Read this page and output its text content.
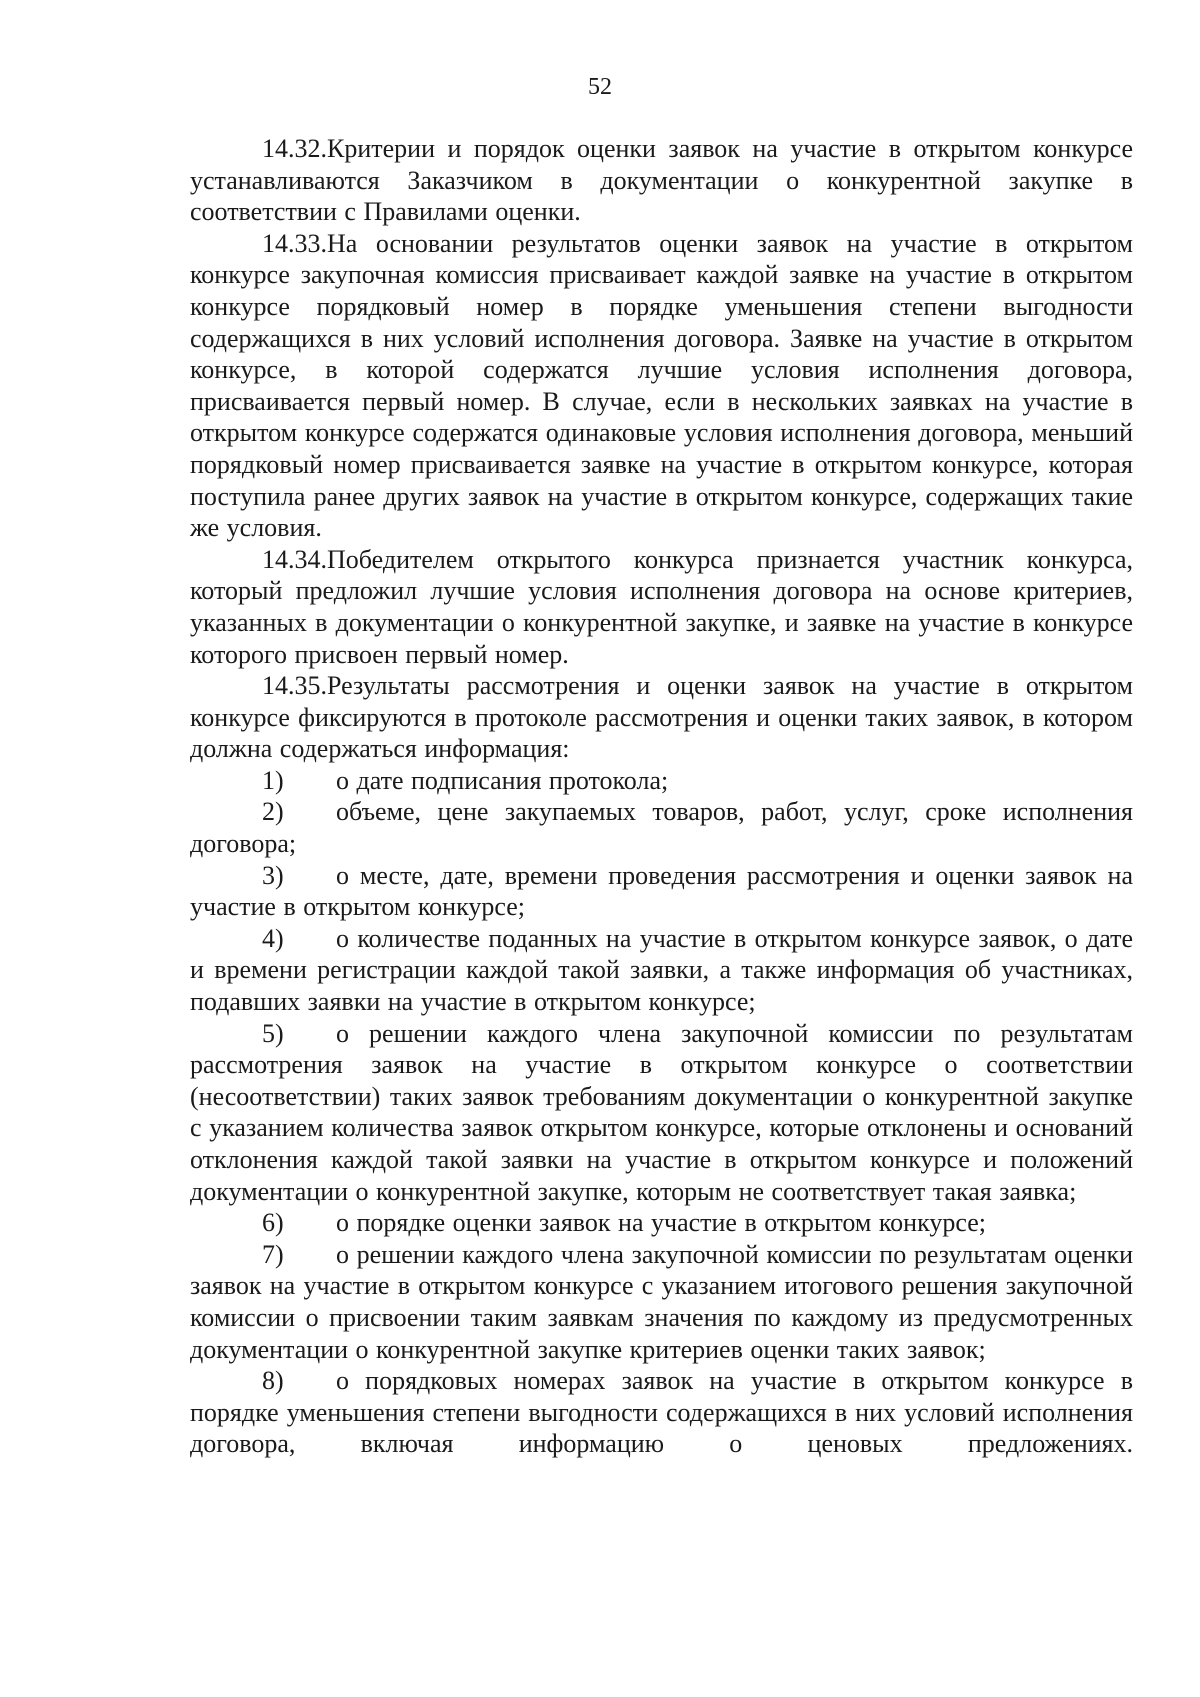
52

14.32.Критерии и порядок оценки заявок на участие в открытом конкурсе устанавливаются Заказчиком в документации о конкурентной закупке в соответствии с Правилами оценки.

14.33.На основании результатов оценки заявок на участие в открытом конкурсе закупочная комиссия присваивает каждой заявке на участие в открытом конкурсе порядковый номер в порядке уменьшения степени выгодности содержащихся в них условий исполнения договора. Заявке на участие в открытом конкурсе, в которой содержатся лучшие условия исполнения договора, присваивается первый номер. В случае, если в нескольких заявках на участие в открытом конкурсе содержатся одинаковые условия исполнения договора, меньший порядковый номер присваивается заявке на участие в открытом конкурсе, которая поступила ранее других заявок на участие в открытом конкурсе, содержащих такие же условия.

14.34.Победителем открытого конкурса признается участник конкурса, который предложил лучшие условия исполнения договора на основе критериев, указанных в документации о конкурентной закупке, и заявке на участие в конкурсе которого присвоен первый номер.

14.35.Результаты рассмотрения и оценки заявок на участие в открытом конкурсе фиксируются в протоколе рассмотрения и оценки таких заявок, в котором должна содержаться информация:

1) о дате подписания протокола;

2) объеме, цене закупаемых товаров, работ, услуг, сроке исполнения договора;

3) о месте, дате, времени проведения рассмотрения и оценки заявок на участие в открытом конкурсе;

4) о количестве поданных на участие в открытом конкурсе заявок, о дате и времени регистрации каждой такой заявки, а также информация об участниках, подавших заявки на участие в открытом конкурсе;

5) о решении каждого члена закупочной комиссии по результатам рассмотрения заявок на участие в открытом конкурсе о соответствии (несоответствии) таких заявок требованиям документации о конкурентной закупке с указанием количества заявок открытом конкурсе, которые отклонены и оснований отклонения каждой такой заявки на участие в открытом конкурсе и положений документации о конкурентной закупке, которым не соответствует такая заявка;

6) о порядке оценки заявок на участие в открытом конкурсе;

7) о решении каждого члена закупочной комиссии по результатам оценки заявок на участие в открытом конкурсе с указанием итогового решения закупочной комиссии о присвоении таким заявкам значения по каждому из предусмотренных документации о конкурентной закупке критериев оценки таких заявок;

8) о порядковых номерах заявок на участие в открытом конкурсе в порядке уменьшения степени выгодности содержащихся в них условий исполнения договора, включая информацию о ценовых предложениях.
